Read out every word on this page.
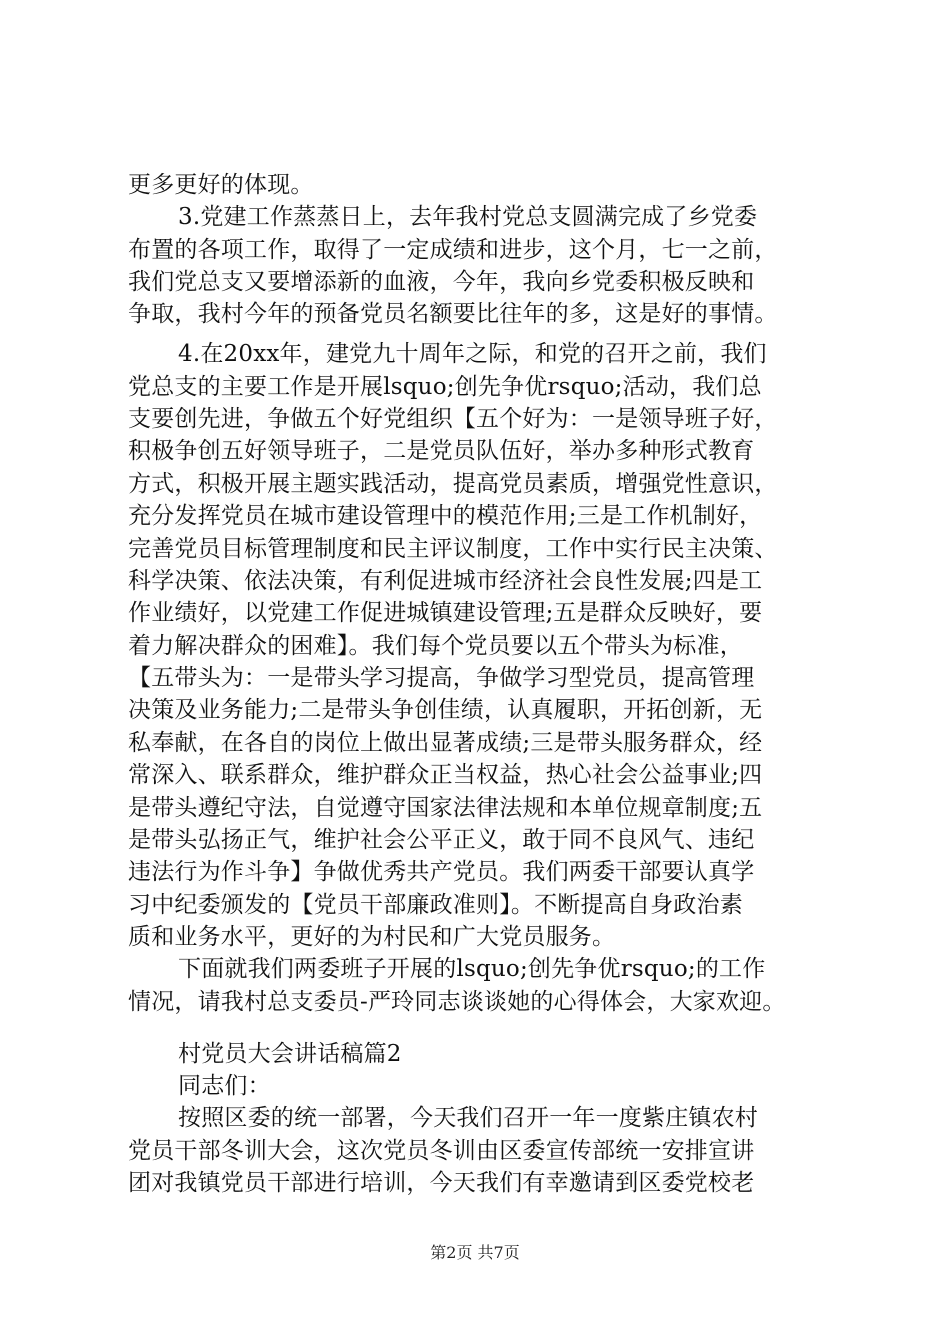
更多更好的体现。
3.党建工作蒸蒸日上，去年我村党总支圆满完成了乡党委
布置的各项工作，取得了一定成绩和进步，这个月，七一之前，
我们党总支又要增添新的血液，今年，我向乡党委积极反映和
争取，我村今年的预备党员名额要比往年的多，这是好的事情。
4.在20xx年，建党九十周年之际，和党的召开之前，我们
党总支的主要工作是开展lsquo;创先争优rsquo;活动，我们总
支要创先进，争做五个好党组织【五个好为：一是领导班子好，
积极争创五好领导班子，二是党员队伍好，举办多种形式教育
方式，积极开展主题实践活动，提高党员素质，增强党性意识，
充分发挥党员在城市建设管理中的模范作用;三是工作机制好，
完善党员目标管理制度和民主评议制度，工作中实行民主决策、
科学决策、依法决策，有利促进城市经济社会良性发展;四是工
作业绩好，以党建工作促进城镇建设管理;五是群众反映好，要
着力解决群众的困难】。我们每个党员要以五个带头为标准，
【五带头为：一是带头学习提高，争做学习型党员，提高管理
决策及业务能力;二是带头争创佳绩，认真履职，开拓创新，无
私奉献，在各自的岗位上做出显著成绩;三是带头服务群众，经
常深入、联系群众，维护群众正当权益，热心社会公益事业;四
是带头遵纪守法，自觉遵守国家法律法规和本单位规章制度;五
是带头弘扬正气，维护社会公平正义，敢于同不良风气、违纪
违法行为作斗争】争做优秀共产党员。我们两委干部要认真学
习中纪委颁发的【党员干部廉政准则】。不断提高自身政治素
质和业务水平，更好的为村民和广大党员服务。
下面就我们两委班子开展的lsquo;创先争优rsquo;的工作
情况，请我村总支委员-严玲同志谈谈她的心得体会，大家欢迎。
村党员大会讲话稿篇2
同志们：
按照区委的统一部署，今天我们召开一年一度紫庄镇农村
党员干部冬训大会，这次党员冬训由区委宣传部统一安排宣讲
团对我镇党员干部进行培训，今天我们有幸邀请到区委党校老
第2页 共7页
